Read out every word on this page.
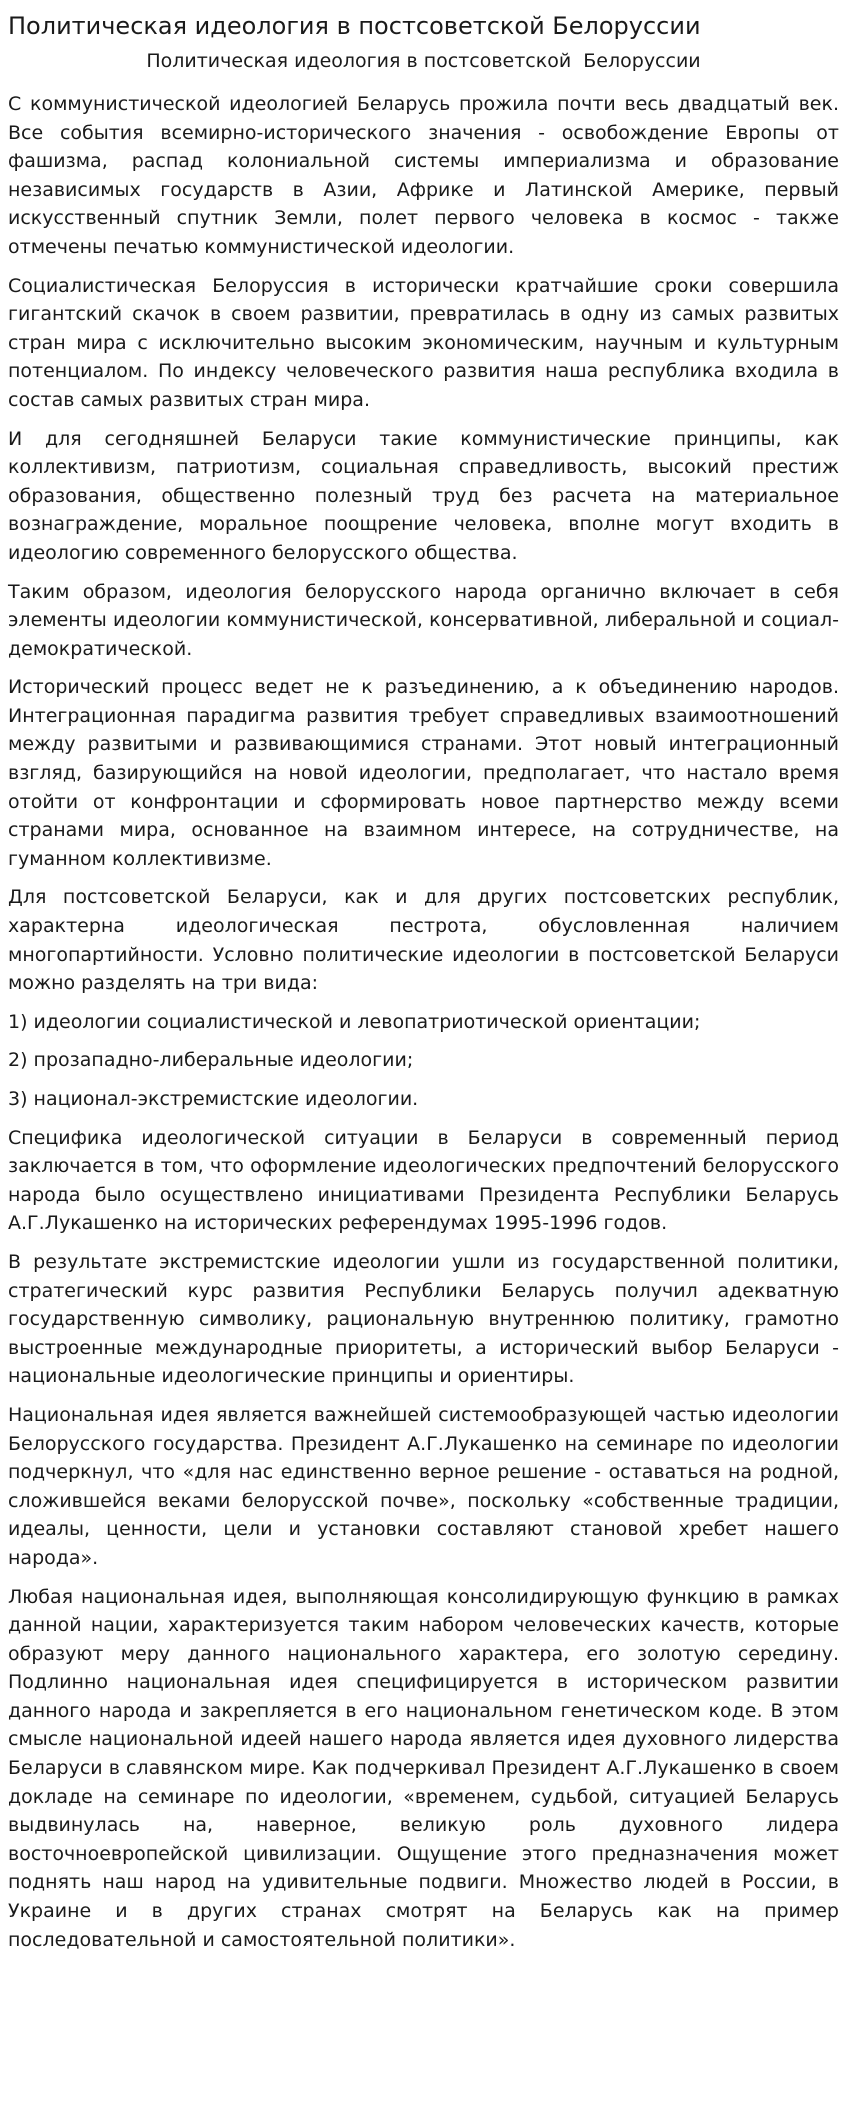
Политическая идеология в постсоветской Белоруссии
Политическая идеология в постсоветской  Белоруссии

С коммунистической идеологией Беларусь прожила почти весь двадцатый век. Все события всемирно-исторического значения - освобождение Европы от фашизма, распад колониальной системы империализма и образование независимых государств в Азии, Африке и Латинской Америке, первый искусственный спутник Земли, полет первого человека в космос - также отмечены печатью коммунистической идеологии.

Социалистическая Белоруссия в исторически кратчайшие сроки совершила гигантский скачок в своем развитии, превратилась в одну из самых развитых стран мира с исключительно высоким экономическим, научным и культурным потенциалом. По индексу человеческого развития наша республика входила в состав самых развитых стран мира.

И для сегодняшней Беларуси такие коммунистические принципы, как коллективизм, патриотизм, социальная справедливость, высокий престиж образования, общественно полезный труд без расчета на материальное вознаграждение, моральное поощрение человека, вполне могут входить в идеологию современного белорусского общества.

Таким образом, идеология белорусского народа органично включает в себя элементы идеологии коммунистической, консервативной, либеральной и социал-демократической.

Исторический процесс ведет не к разъединению, а к объединению народов. Интеграционная парадигма развития требует справедливых взаимоотношений между развитыми и развивающимися странами. Этот новый интеграционный взгляд, базирующийся на новой идеологии, предполагает, что настало время отойти от конфронтации и сформировать новое партнерство между всеми странами мира, основанное на взаимном интересе, на сотрудничестве, на гуманном коллективизме.

Для постсоветской Беларуси, как и для других постсоветских республик, характерна идеологическая пестрота, обусловленная наличием многопартийности. Условно политические идеологии в постсоветской Беларуси можно разделять на три вида:

1) идеологии социалистической и левопатриотической ориентации;

2) прозападно-либеральные идеологии;

3) национал-экстремистские идеологии.

Специфика идеологической ситуации в Беларуси в современный период заключается в том, что оформление идеологических предпочтений белорусского народа было осуществлено инициативами Президента Республики Беларусь А.Г.Лукашенко на исторических референдумах 1995-1996 годов.

В результате экстремистские идеологии ушли из государственной политики, стратегический курс развития Республики Беларусь получил адекватную государственную символику, рациональную внутреннюю политику, грамотно выстроенные международные приоритеты, а исторический выбор Беларуси - национальные идеологические принципы и ориентиры.

Национальная идея является важнейшей системообразующей частью идеологии Белорусского государства. Президент А.Г.Лукашенко на семинаре по идеологии подчеркнул, что «для нас единственно верное решение - оставаться на родной, сложившейся веками белорусской почве», поскольку «собственные традиции, идеалы, ценности, цели и установки составляют становой хребет нашего народа».

Любая национальная идея, выполняющая консолидирующую функцию в рамках данной нации, характеризуется таким набором человеческих качеств, которые образуют меру данного национального характера, его золотую середину. Подлинно национальная идея специфицируется в историческом развитии данного народа и закрепляется в его национальном генетическом коде. В этом смысле национальной идеей нашего народа является идея духовного лидерства Беларуси в славянском мире. Как подчеркивал Президент А.Г.Лукашенко в своем докладе на семинаре по идеологии, «временем, судьбой, ситуацией Беларусь выдвинулась на, наверное, великую роль духовного лидера восточноевропейской цивилизации. Ощущение этого предназначения может поднять наш народ на удивительные подвиги. Множество людей в России, в Украине и в других странах смотрят на Беларусь как на пример последовательной и самостоятельной политики».
